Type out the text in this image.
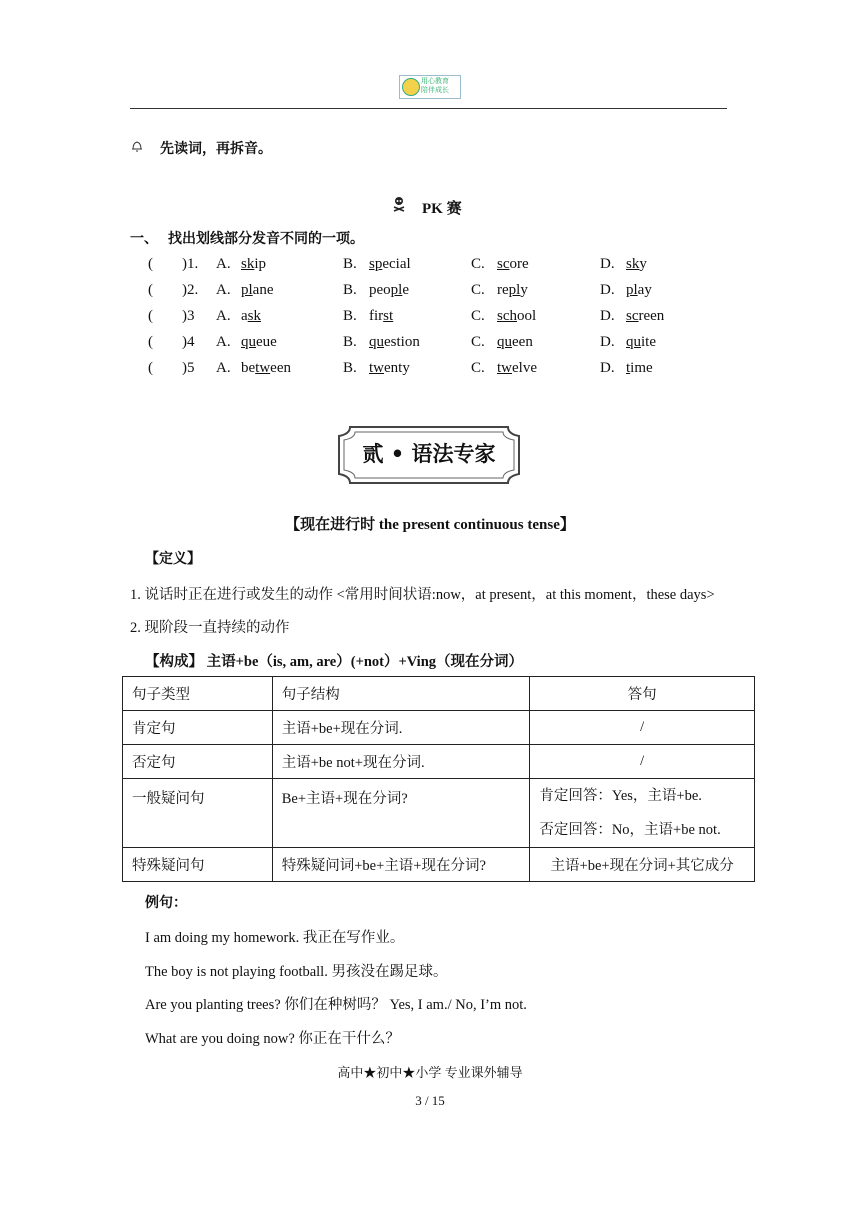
用心教育
陪伴成长
先读词，再拆音。
PK 赛
一、 找出划线部分发音不同的一项。
( )1. A. skip	B. special	C. score	D. sky
( )2. A. plane	B. people	C. reply	D. play
( )3 A. ask	B. first	C. school	D. screen
( )4 A. queue	B. question	C. queen	D. quite
( )5 A. between	B. twenty	C. twelve	D. time
贰 • 语法专家
【现在进行时 the present continuous tense】
【定义】
1. 说话时正在进行或发生的动作 <常用时间状语:now，at present，at this moment，these days>
2. 现阶段一直持续的动作
【构成】 主语+be（is, am, are）(+not）+Ving（现在分词）
句子类型	句子结构	答句
肯定句	主语+be+现在分词.	/
否定句	主语+be not+现在分词.	/
一般疑问句	Be+主语+现在分词?	肯定回答：Yes，主语+be.
否定回答：No，主语+be not.

特殊疑问句	特殊疑问词+be+主语+现在分词?	主语+be+现在分词+其它成分
例句：
I am doing my homework. 我正在写作业。
The boy is not playing football. 男孩没在踢足球。
Are you planting trees? 你们在种树吗？ Yes, I am./ No, I’m not.
What are you doing now? 你正在干什么？
高中★初中★小学 专业课外辅导
3 / 15
